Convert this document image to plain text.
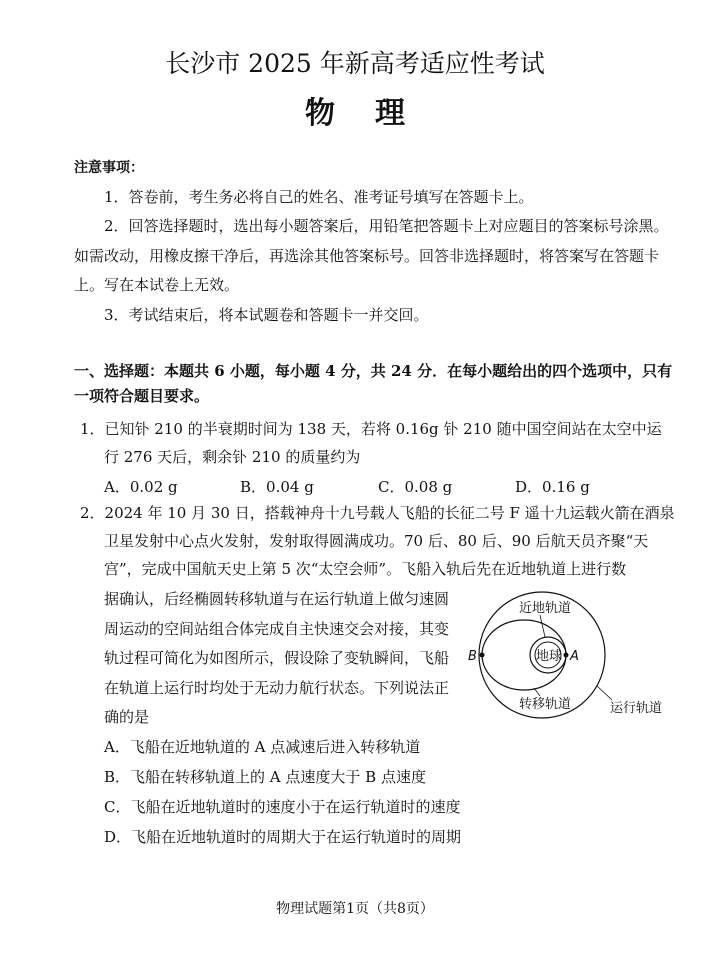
长沙市 2025 年新高考适应性考试
物理
注意事项：
1．答卷前，考生务必将自己的姓名、准考证号填写在答题卡上。
2．回答选择题时，选出每小题答案后，用铅笔把答题卡上对应题目的答案标号涂黑。
如需改动，用橡皮擦干净后，再选涂其他答案标号。回答非选择题时，将答案写在答题卡
上。写在本试卷上无效。
3．考试结束后，将本试题卷和答题卡一并交回。
一、选择题：本题共 6 小题，每小题 4 分，共 24 分．在每小题给出的四个选项中，只有
一项符合题目要求。
1．已知钋 210 的半衰期时间为 138 天，若将 0.16g 钋 210 随中国空间站在太空中运
行 276 天后，剩余钋 210 的质量约为
A．0.02 g	B．0.04 g	C．0.08 g	D．0.16 g
2．2024 年 10 月 30 日，搭载神舟十九号载人飞船的长征二号 F 遥十九运载火箭在酒泉
卫星发射中心点火发射，发射取得圆满成功。70 后、80 后、90 后航天员齐聚“天
宫”，完成中国航天史上第 5 次“太空会师”。飞船入轨后先在近地轨道上进行数
据确认，后经椭圆转移轨道与在运行轨道上做匀速圆
周运动的空间站组合体完成自主快速交会对接，其变
轨过程可简化为如图所示，假设除了变轨瞬间，飞船
在轨道上运行时均处于无动力航行状态。下列说法正
确的是
A．飞船在近地轨道的 A 点减速后进入转移轨道
B．飞船在转移轨道上的 A 点速度大于 B 点速度
C．飞船在近地轨道时的速度小于在运行轨道时的速度
D．飞船在近地轨道时的周期大于在运行轨道时的周期
地球 A
B
近地轨道
转移轨道	运行轨道
物理试题第1页（共8页）
